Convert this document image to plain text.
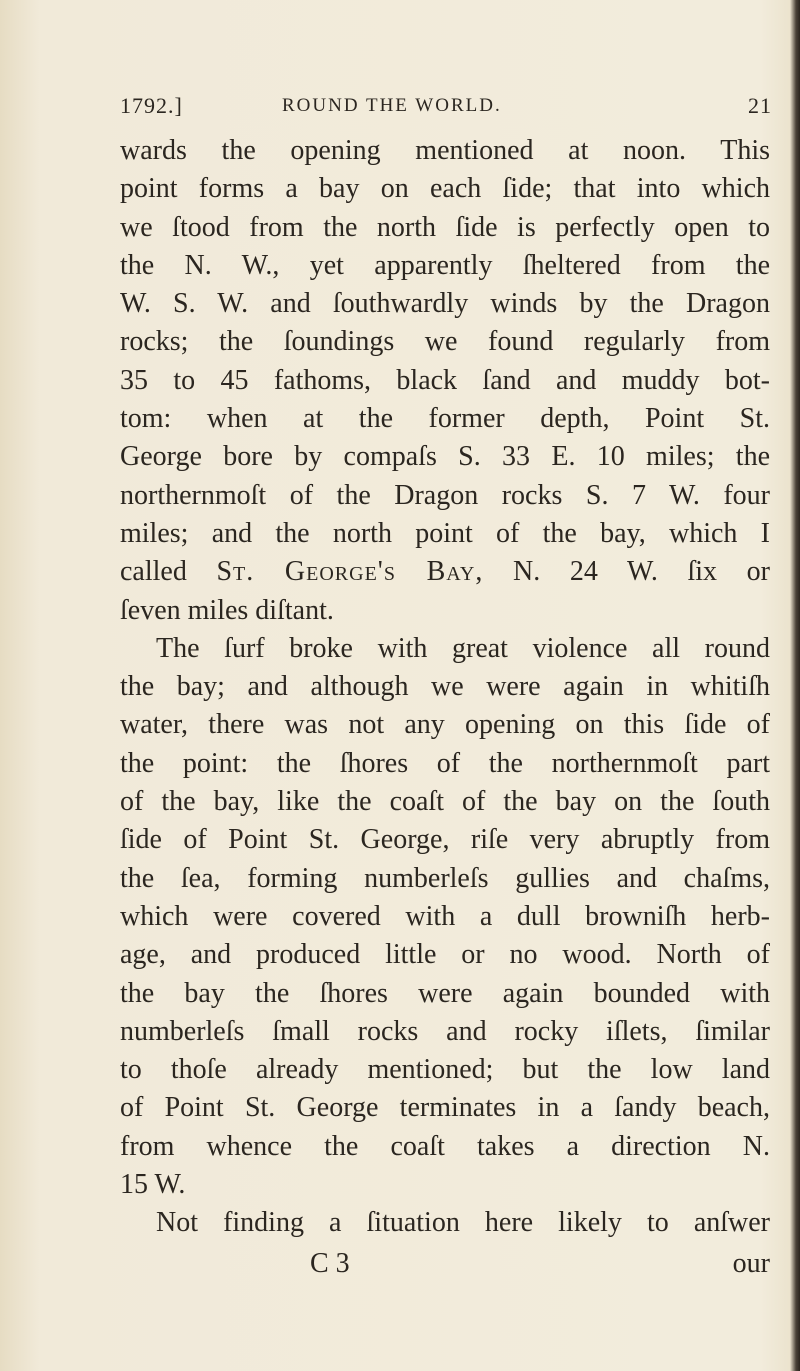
1792.]	ROUND THE WORLD.	21
wards the opening mentioned at noon. This
point forms a bay on each ſide; that into which
we ſtood from the north ſide is perfectly open to
the N. W., yet apparently ſheltered from the
W. S. W. and ſouthwardly winds by the Dragon
rocks; the ſoundings we found regularly from
35 to 45 fathoms, black ſand and muddy bot-
tom: when at the former depth, Point St.
George bore by compaſs S. 33 E. 10 miles; the
northernmoſt of the Dragon rocks S. 7 W. four
miles; and the north point of the bay, which I
called St. George's Bay, N. 24 W. ſix or
ſeven miles diſtant.
The ſurf broke with great violence all round
the bay; and although we were again in whitiſh
water, there was not any opening on this ſide of
the point: the ſhores of the northernmoſt part
of the bay, like the coaſt of the bay on the ſouth
ſide of Point St. George, riſe very abruptly from
the ſea, forming numberleſs gullies and chaſms,
which were covered with a dull browniſh herb-
age, and produced little or no wood. North of
the bay the ſhores were again bounded with
numberleſs ſmall rocks and rocky iſlets, ſimilar
to thoſe already mentioned; but the low land
of Point St. George terminates in a ſandy beach,
from whence the coaſt takes a direction N.
15 W.
Not finding a ſituation here likely to anſwer
C 3	our
